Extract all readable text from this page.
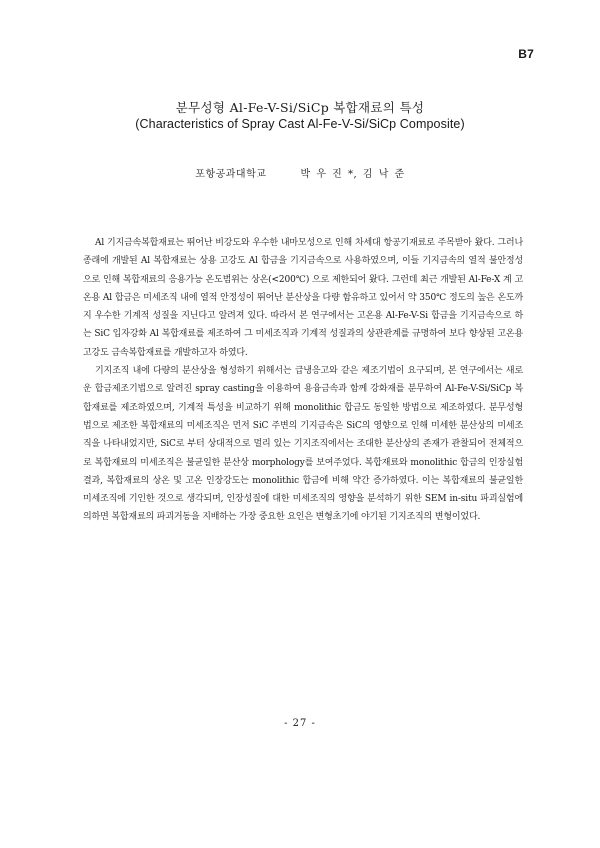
B7
분무성형 Al-Fe-V-Si/SiCp 복합재료의 특성
(Characteristics of Spray Cast Al-Fe-V-Si/SiCp Composite)
포항공과대학교	박 우 진 *, 김 낙 준

Al 기지금속복합재료는 뛰어난 비강도와 우수한 내마모성으로 인해 차세대 항공기재료로 주목받아 왔다. 그러나 종래에 개발된 Al 복합재료는 상용 고강도 Al 합금을 기지금속으로 사용하였으며, 이들 기지금속의 열적 불안정성으로 인해 복합재료의 응용가능 온도범위는 상온(<200℃) 으로 제한되어 왔다. 그런데 최근 개발된 Al-Fe-X 계 고온용 Al 합금은 미세조직 내에 열적 안정성이 뛰어난 분산상을 다량 함유하고 있어서 약 350℃ 정도의 높은 온도까지 우수한 기계적 성질을 지닌다고 알려져 있다. 따라서 본 연구에서는 고온용 Al-Fe-V-Si 합금을 기지금속으로 하는 SiC 입자강화 Al 복합재료를 제조하여 그 미세조직과 기계적 성질과의 상관관계를 규명하여 보다 향상된 고온용 고강도 금속복합재료를 개발하고자 하였다.

기지조직 내에 다량의 분산상을 형성하기 위해서는 급냉응고와 같은 제조기법이 요구되며, 본 연구에서는 새로운 합금제조기법으로 알려진 spray casting을 이용하여 용융금속과 함께 강화재를 분무하여 Al-Fe-V-Si/SiCp 복합재료를 제조하였으며, 기계적 특성을 비교하기 위해 monolithic 합금도 동일한 방법으로 제조하였다. 분무성형법으로 제조한 복합재료의 미세조직은 먼저 SiC 주변의 기지금속은 SiC의 영향으로 인해 미세한 분산상의 미세조직을 나타내었지만, SiC로 부터 상대적으로 멀리 있는 기지조직에서는 조대한 분산상의 존재가 관찰되어 전체적으로 복합재료의 미세조직은 불균일한 분산상 morphology를 보여주었다. 복합재료와 monolithic 합금의 인장실험 결과, 복합재료의 상온 및 고온 인장강도는 monolithic 합금에 비해 약간 증가하였다. 이는 복합재료의 불균일한 미세조직에 기인한 것으로 생각되며, 인장성질에 대한 미세조직의 영향을 분석하기 위한 SEM in-situ 파괴실험에 의하면 복합재료의 파괴거동을 지배하는 가장 중요한 요인은 변형초기에 야기된 기지조직의 변형이었다.

- 27 -
